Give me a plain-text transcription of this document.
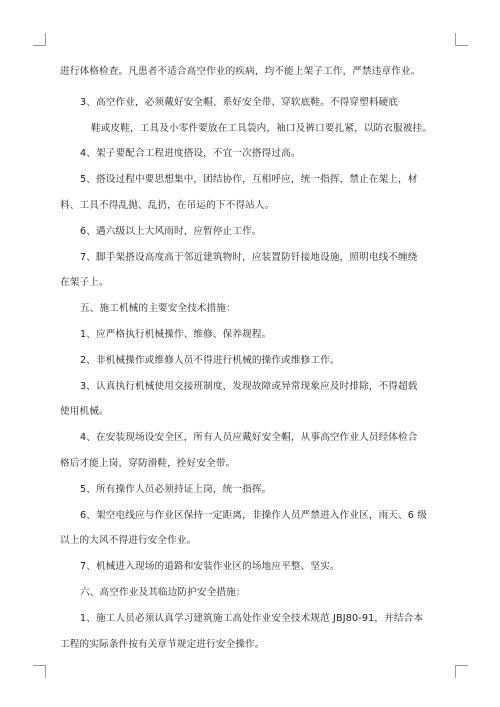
进行体格检查。凡患者不适合高空作业的疾病，均不能上架子工作，严禁违章作业。
3、高空作业，必须戴好安全帽、系好安全带、穿软底鞋。不得穿塑料硬底
鞋或皮鞋，工具及小零件要放在工具袋内，袖口及裤口要扎紧，以防衣服被挂。
4、架子要配合工程进度搭设，不宜一次搭得过高。
5、搭设过程中要思想集中，团结协作，互相呼应，统一指挥，禁止在架上，材
料、工具不得乱抛、乱扔，在吊运的下不得站人。
6、遇六级以上大风雨时，应暂停止工作。
7、脚手架搭设高度高于邻近建筑物时，应装置防钎接地设施，照明电线不缠绕
在架子上。
五、施工机械的主要安全技术措施：
1、应严格执行机械操作、维修、保养规程。
2、非机械操作或维修人员不得进行机械的操作或维修工作。
3、认真执行机械使用交接班制度，发现故障或异常现象应及时排除，不得超载
使用机械。
4、在安装现场设安全区，所有人员应戴好安全帽，从事高空作业人员经体检合
格后才能上岗，穿防滑鞋，拴好安全带。
5、所有操作人员必须持证上岗，统一指挥。
6、架空电线应与作业区保持一定距离，非操作人员严禁进入作业区，雨天、6 级
以上的大风不得进行安全作业。
7、机械进入现场的道路和安装作业区的场地应平整、坚实。
六、高空作业及其临边防护安全措施：
1、施工人员必须认真学习建筑施工高处作业安全技术规范 JBJ80-91，并结合本
工程的实际条件按有关章节规定进行安全操作。
